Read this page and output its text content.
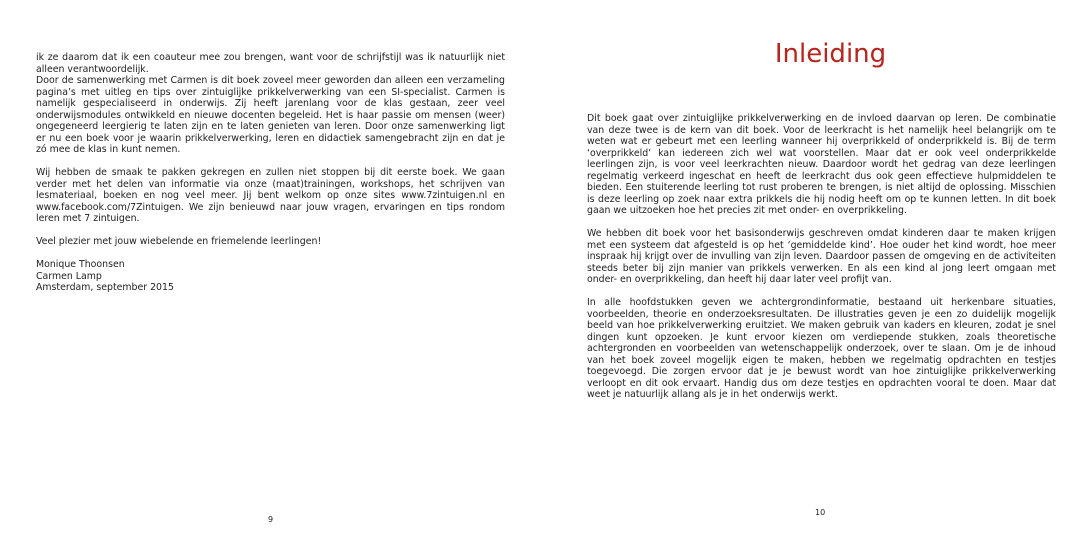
ik ze daarom dat ik een coauteur mee zou brengen, want voor de schrijfstijl was ik natuurlijk niet alleen verantwoordelijk.

Door de samenwerking met Carmen is dit boek zoveel meer geworden dan alleen een verzameling pagina’s met uitleg en tips over zintuiglijke prikkelverwerking van een SI-specialist. Carmen is namelijk gespecialiseerd in onderwijs. Zij heeft jarenlang voor de klas gestaan, zeer veel onderwijsmodules ontwikkeld en nieuwe docenten begeleid. Het is haar passie om mensen (weer) ongegeneerd leergierig te laten zijn en te laten genieten van leren. Door onze samenwerking ligt er nu een boek voor je waarin prikkelverwerking, leren en didactiek samengebracht zijn en dat je zó mee de klas in kunt nemen.

Wij hebben de smaak te pakken gekregen en zullen niet stoppen bij dit eerste boek. We gaan verder met het delen van informatie via onze (maat)trainingen, workshops, het schrijven van lesmateriaal, boeken en nog veel meer. Jij bent welkom op onze sites www.7zintuigen.nl en www.facebook.com/7Zintuigen. We zijn benieuwd naar jouw vragen, ervaringen en tips rondom leren met 7 zintuigen.

Veel plezier met jouw wiebelende en friemelende leerlingen!

Monique Thoonsen

Carmen Lamp

Amsterdam, september 2015

9
Inleiding

Dit boek gaat over zintuiglijke prikkelverwerking en de invloed daarvan op leren. De combinatie van deze twee is de kern van dit boek. Voor de leerkracht is het namelijk heel belangrijk om te weten wat er gebeurt met een leerling wanneer hij overprikkeld of onderprikkeld is. Bij de term ‘overprikkeld’ kan iedereen zich wel wat voorstellen. Maar dat er ook veel onderprikkelde leerlingen zijn, is voor veel leerkrachten nieuw. Daardoor wordt het gedrag van deze leerlingen regelmatig verkeerd ingeschat en heeft de leerkracht dus ook geen effectieve hulpmiddelen te bieden. Een stuiterende leerling tot rust proberen te brengen, is niet altijd de oplossing. Misschien is deze leerling op zoek naar extra prikkels die hij nodig heeft om op te kunnen letten. In dit boek gaan we uitzoeken hoe het precies zit met onder- en overprikkeling.

We hebben dit boek voor het basisonderwijs geschreven omdat kinderen daar te maken krijgen met een systeem dat afgesteld is op het ‘gemiddelde kind’. Hoe ouder het kind wordt, hoe meer inspraak hij krijgt over de invulling van zijn leven. Daardoor passen de omgeving en de activiteiten steeds beter bij zijn manier van prikkels verwerken. En als een kind al jong leert omgaan met onder- en overprikkeling, dan heeft hij daar later veel profijt van.

In alle hoofdstukken geven we achtergrondinformatie, bestaand uit herkenbare situaties, voorbeelden, theorie en onderzoeksresultaten. De illustraties geven je een zo duidelijk mogelijk beeld van hoe prikkelverwerking eruitziet. We maken gebruik van kaders en kleuren, zodat je snel dingen kunt opzoeken. Je kunt ervoor kiezen om verdiepende stukken, zoals theoretische achtergronden en voorbeelden van wetenschappelijk onderzoek, over te slaan. Om je de inhoud van het boek zoveel mogelijk eigen te maken, hebben we regelmatig opdrachten en testjes toegevoegd. Die zorgen ervoor dat je je bewust wordt van hoe zintuiglijke prikkelverwerking verloopt en dit ook ervaart. Handig dus om deze testjes en opdrachten vooral te doen. Maar dat weet je natuurlijk allang als je in het onderwijs werkt.

10
